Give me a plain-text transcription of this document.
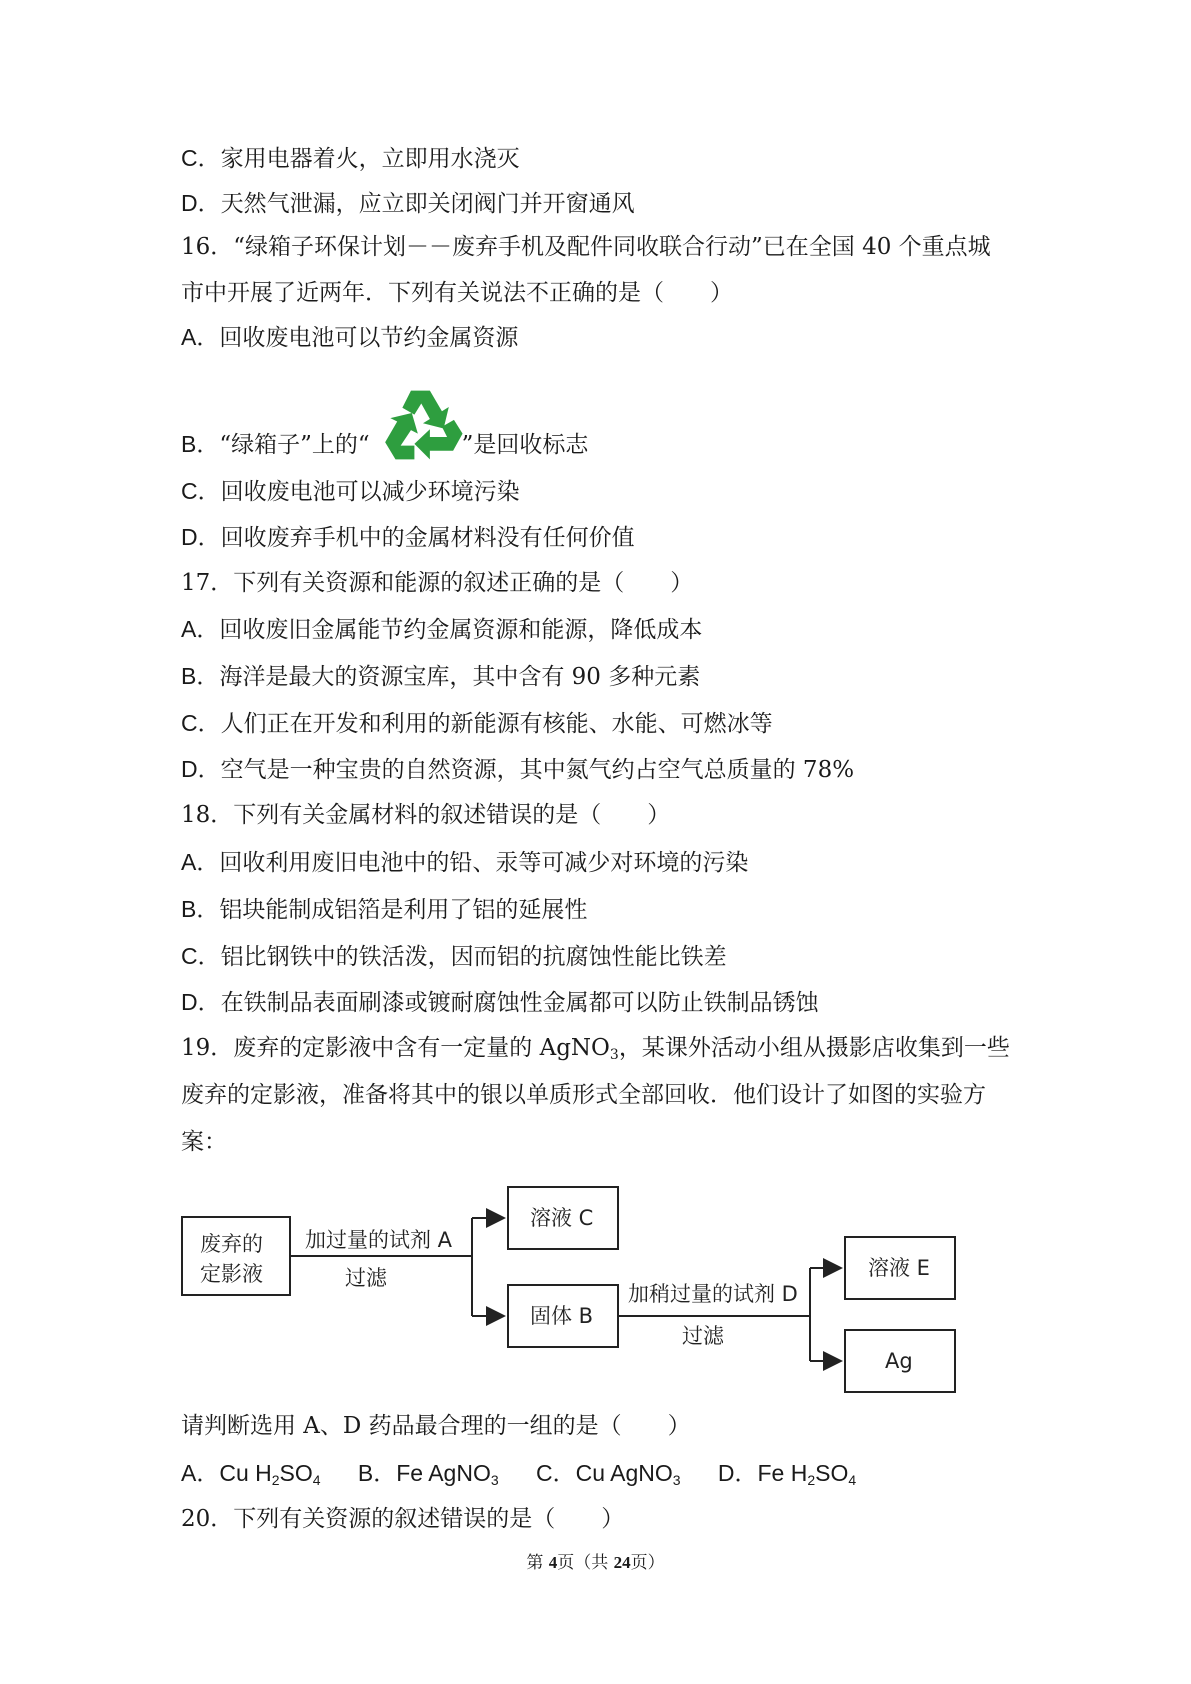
C．家用电器着火，立即用水浇灭
D．天然气泄漏，应立即关闭阀门并开窗通风
16．“绿箱子环保计划－－废弃手机及配件同收联合行动”已在全国 40 个重点城
市中开展了近两年．下列有关说法不正确的是（　　）
A．回收废电池可以节约金属资源
B．“绿箱子”上的“	”是回收标志
C．回收废电池可以减少环境污染
D．回收废弃手机中的金属材料没有任何价值
17．下列有关资源和能源的叙述正确的是（　　）
A．回收废旧金属能节约金属资源和能源，降低成本
B．海洋是最大的资源宝库，其中含有 90 多种元素
C．人们正在开发和利用的新能源有核能、水能、可燃冰等
D．空气是一种宝贵的自然资源，其中氮气约占空气总质量的 78%
18．下列有关金属材料的叙述错误的是（　　）
A．回收利用废旧电池中的铅、汞等可减少对环境的污染
B．铝块能制成铝箔是利用了铝的延展性
C．铝比钢铁中的铁活泼，因而铝的抗腐蚀性能比铁差
D．在铁制品表面刷漆或镀耐腐蚀性金属都可以防止铁制品锈蚀
19．废弃的定影液中含有一定量的 AgNO$_3$，某课外活动小组从摄影店收集到一些废弃的定影液，准备将其中的银以单质形式全部回收．他们设计了如图的实验方案：
废弃的
定影液
加过量的试剂 A
过滤
溶液 C
固体 B
加稍过量的试剂 D
过滤
溶液 E
Ag
请判断选用 A、D 药品最合理的一组的是（　　）
A．Cu $H_2SO_4$ B．Fe AgNO$_3$ C．Cu AgNO$_3$ D．Fe $H_2SO_4$
20．下列有关资源的叙述错误的是（　　）
第 4页（共 24页）
